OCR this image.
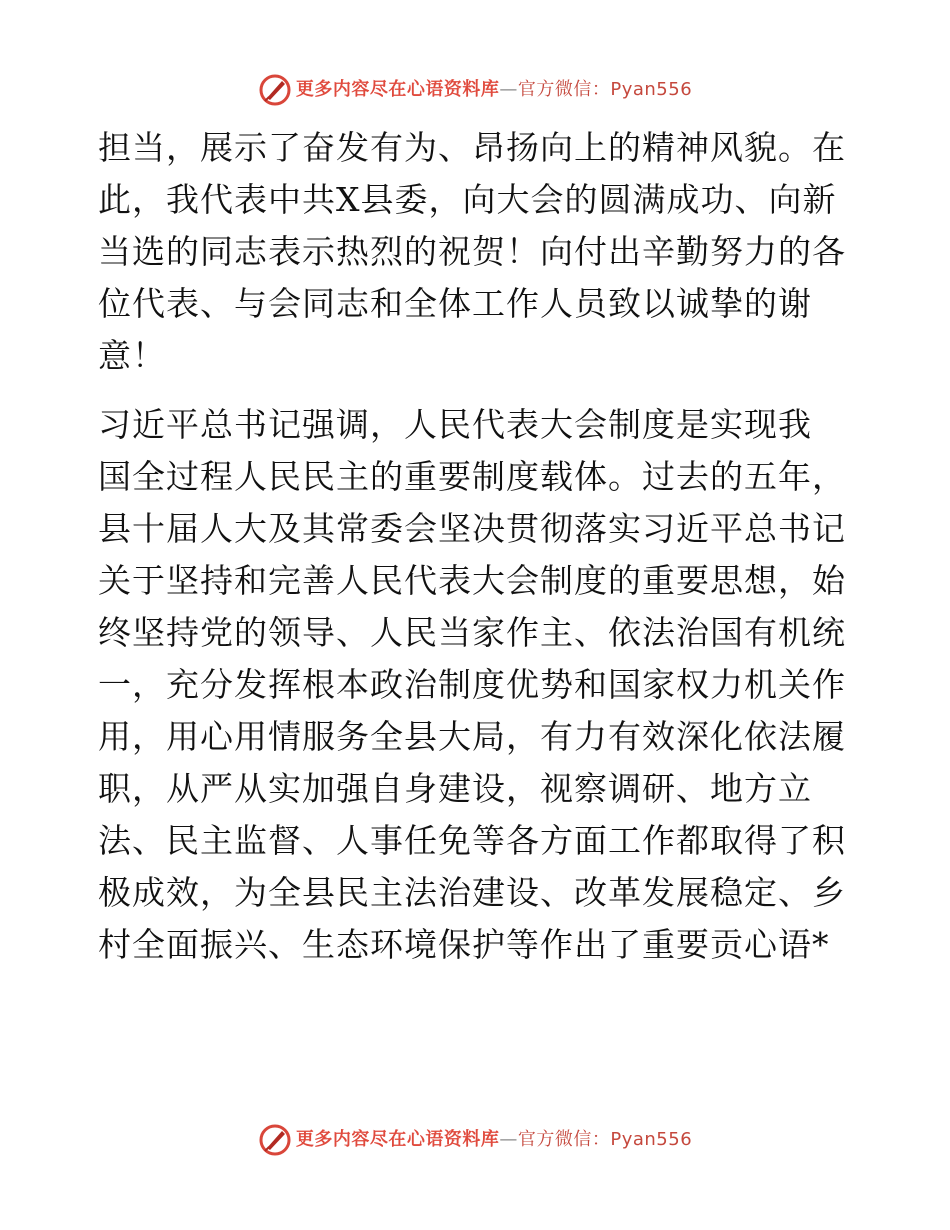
更多内容尽在心语资料库—官方微信：Pyan556

担当，展示了奋发有为、昂扬向上的精神风貌。在
此，我代表中共X县委，向大会的圆满成功、向新
当选的同志表示热烈的祝贺！向付出辛勤努力的各
位代表、与会同志和全体工作人员致以诚挚的谢
意！

习近平总书记强调，人民代表大会制度是实现我
国全过程人民民主的重要制度载体。过去的五年，
县十届人大及其常委会坚决贯彻落实习近平总书记
关于坚持和完善人民代表大会制度的重要思想，始
终坚持党的领导、人民当家作主、依法治国有机统
一，充分发挥根本政治制度优势和国家权力机关作
用，用心用情服务全县大局，有力有效深化依法履
职，从严从实加强自身建设，视察调研、地方立
法、民主监督、人事任免等各方面工作都取得了积
极成效，为全县民主法治建设、改革发展稳定、乡
村全面振兴、生态环境保护等作出了重要贡心语*

更多内容尽在心语资料库—官方微信：Pyan556
